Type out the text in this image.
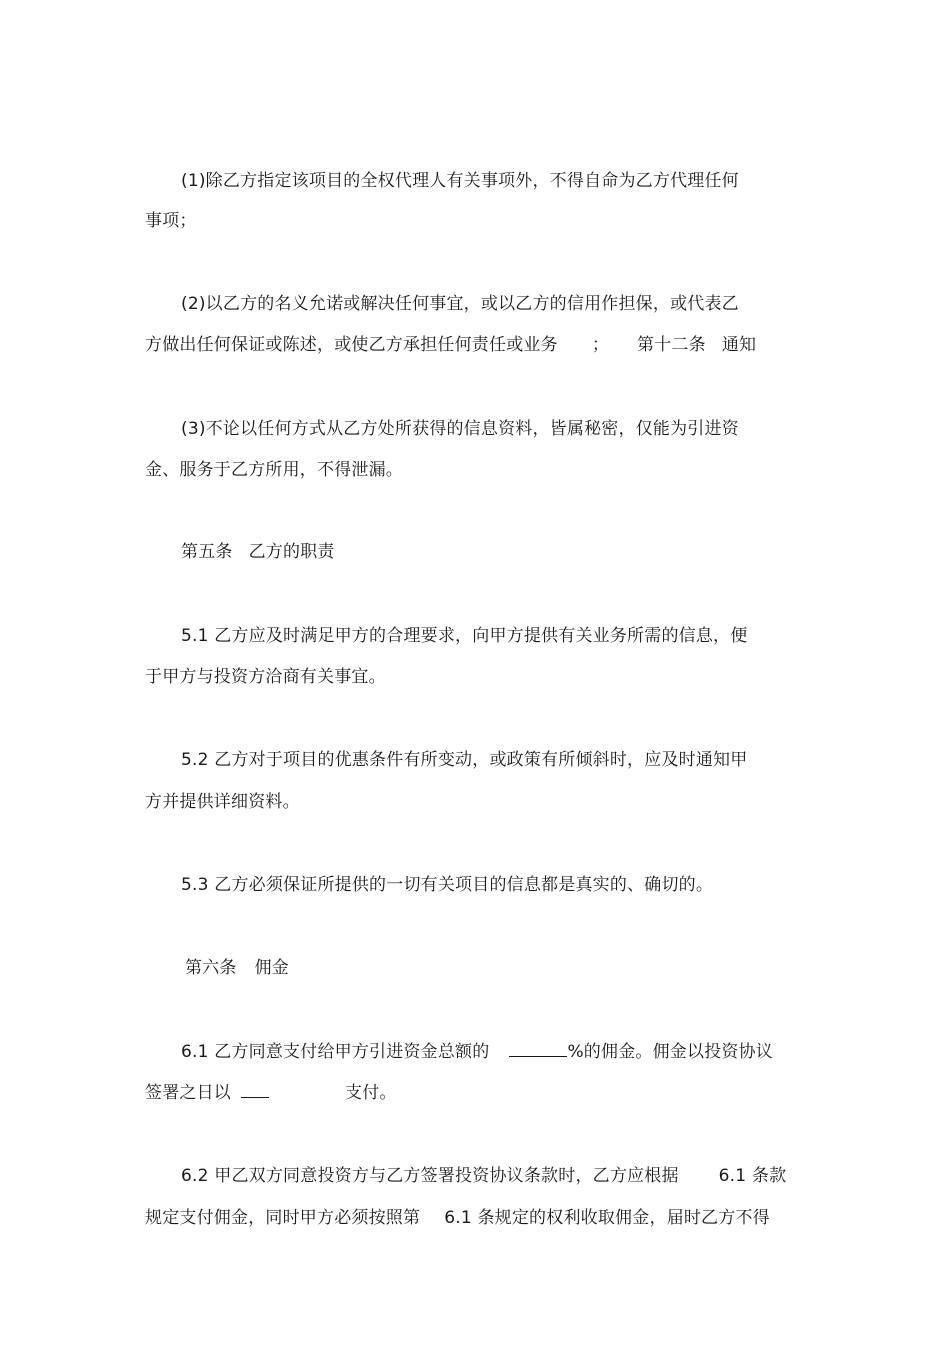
(1)除乙方指定该项目的全权代理人有关事项外，不得自命为乙方代理任何
事项；
(2)以乙方的名义允诺或解决任何事宜，或以乙方的信用作担保，或代表乙
方做出任何保证或陈述，或使乙方承担任何责任或业务 ； 第十二条 通知
(3)不论以任何方式从乙方处所获得的信息资料，皆属秘密，仅能为引进资
金、服务于乙方所用，不得泄漏。
第五条 乙方的职责
5.1 乙方应及时满足甲方的合理要求，向甲方提供有关业务所需的信息，便
于甲方与投资方洽商有关事宜。
5.2 乙方对于项目的优惠条件有所变动，或政策有所倾斜时，应及时通知甲
方并提供详细资料。
5.3 乙方必须保证所提供的一切有关项目的信息都是真实的、确切的。
第六条 佣金
6.1 乙方同意支付给甲方引进资金总额的	%的佣金。佣金以投资协议
签署之日以	支付。
6.2 甲乙双方同意投资方与乙方签署投资协议条款时，乙方应根据 6.1 条款
规定支付佣金，同时甲方必须按照第 6.1 条规定的权利收取佣金，届时乙方不得
